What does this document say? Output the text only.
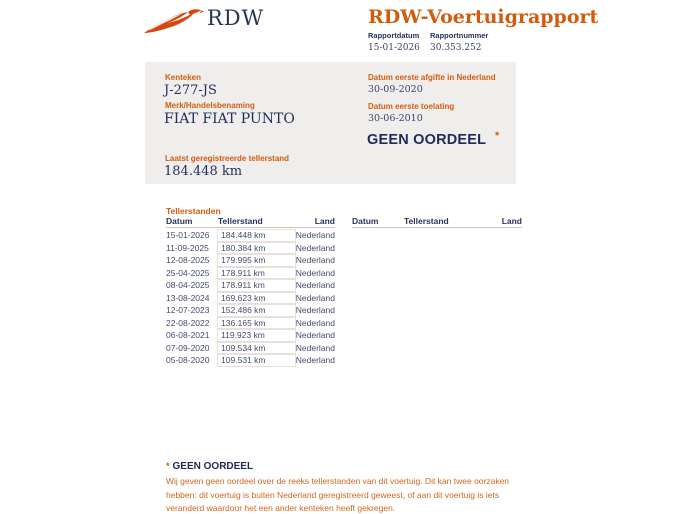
RDW	RDW-Voertuigrapport
Rapportdatum
15-01-2026
Rapportnummer
30.353.252
Kenteken
J-277-JS
Merk/Handelsbenaming
FIAT FIAT PUNTO
Laatst geregistreerde tellerstand
184.448 km
Datum eerste afgifte in Nederland
30-09-2020
Datum eerste toelating
30-06-2010
GEEN OORDEEL *
Tellerstanden
Datum	Tellerstand	Land Datum	Tellerstand	Land
15-01-2026	184.448 km	Nederland
11-09-2025	180.384 km	Nederland
12-08-2025	179.995 km	Nederland
25-04-2025	178.911 km	Nederland
08-04-2025	178.911 km	Nederland
13-08-2024	169.623 km	Nederland
12-07-2023	152.486 km	Nederland
22-08-2022	136.165 km	Nederland
06-08-2021	119.923 km	Nederland
07-09-2020	109.534 km	Nederland
05-08-2020	109.531 km	Nederland
* GEEN OORDEEL
Wij geven geen oordeel over de reeks tellerstanden van dit voertuig. Dit kan twee oorzaken hebben: dit voertuig is buiten Nederland geregistreerd geweest, of aan dit voertuig is iets veranderd waardoor het een ander kenteken heeft gekregen.
